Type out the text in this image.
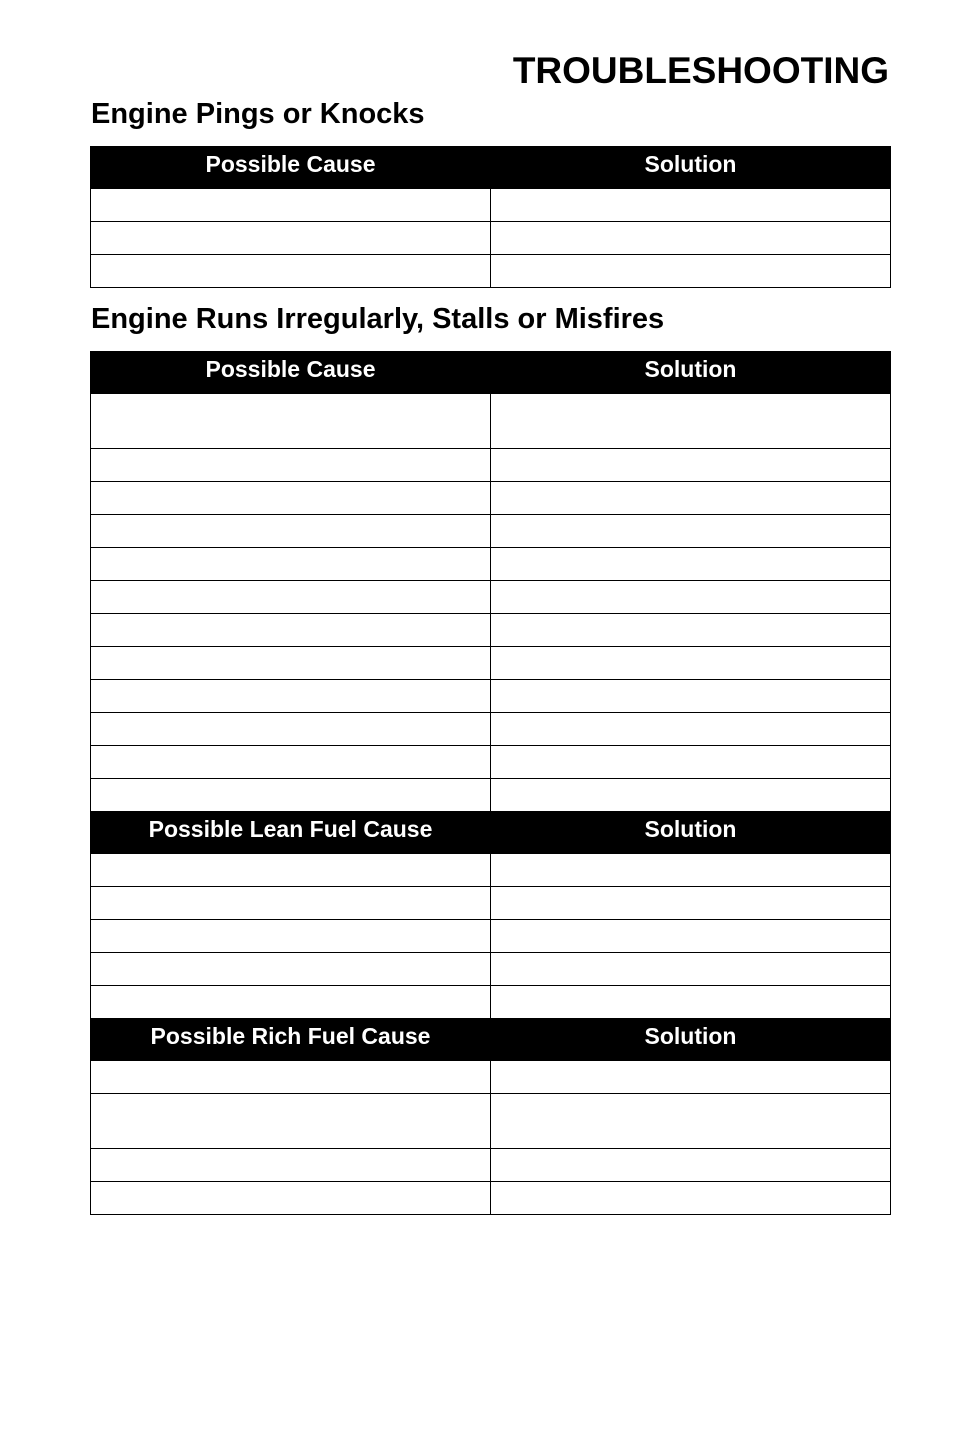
TROUBLESHOOTING
Engine Pings or Knocks
Possible Cause	Solution

Engine Runs Irregularly, Stalls or Misfires
Possible Cause	Solution

Possible Lean Fuel Cause	Solution

Possible Rich Fuel Cause	Solution
